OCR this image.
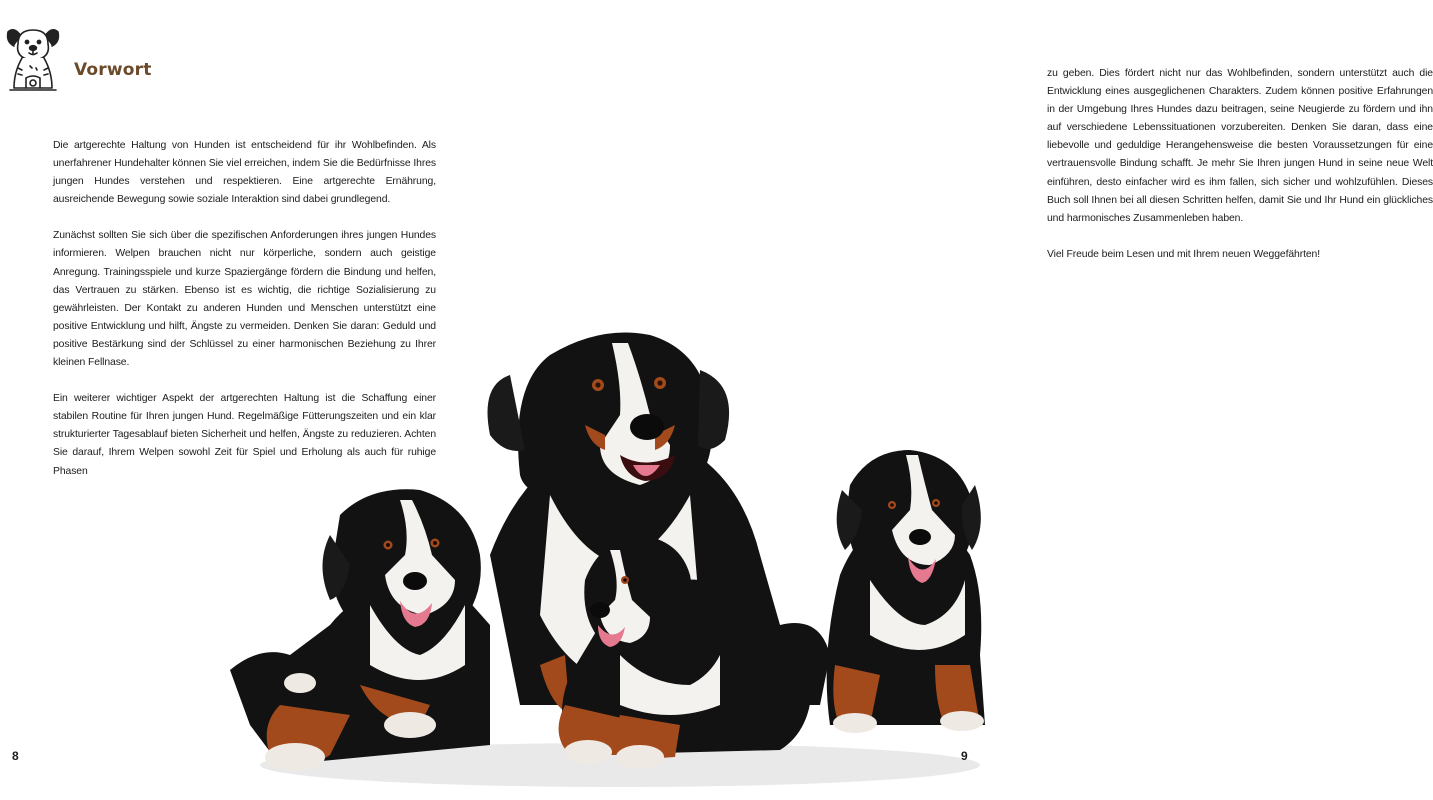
Vorwort

Die artgerechte Haltung von Hunden ist entscheidend für ihr Wohlbefinden. Als unerfahrener Hundehalter können Sie viel erreichen, indem Sie die Bedürfnisse Ihres jungen Hundes verstehen und respektieren. Eine artgerechte Ernährung, ausreichende Bewegung sowie soziale Interaktion sind dabei grundlegend.

Zunächst sollten Sie sich über die spezifischen Anforderungen ihres jungen Hundes informieren. Welpen brauchen nicht nur körperliche, sondern auch geistige Anregung. Trainingsspiele und kurze Spaziergänge fördern die Bindung und helfen, das Vertrauen zu stärken. Ebenso ist es wichtig, die richtige Sozialisierung zu gewährleisten. Der Kontakt zu anderen Hunden und Menschen unterstützt eine positive Entwicklung und hilft, Ängste zu vermeiden. Denken Sie daran: Geduld und positive Bestärkung sind der Schlüssel zu einer harmonischen Beziehung zu Ihrer kleinen Fellnase.

Ein weiterer wichtiger Aspekt der artgerechten Haltung ist die Schaffung einer stabilen Routine für Ihren jungen Hund. Regelmäßige Fütterungszeiten und ein klar strukturierter Tagesablauf bieten Sicherheit und helfen, Ängste zu reduzieren. Achten Sie darauf, Ihrem Welpen sowohl Zeit für Spiel und Erholung als auch für ruhige Phasen

8

zu geben. Dies fördert nicht nur das Wohlbefinden, sondern unterstützt auch die Entwicklung eines ausgeglichenen Charakters. Zudem können positive Erfahrungen in der Umgebung Ihres Hundes dazu beitragen, seine Neugierde zu fördern und ihn auf verschiedene Lebenssituationen vorzubereiten. Denken Sie daran, dass eine liebevolle und geduldige Herangehensweise die besten Voraussetzungen für eine vertrauensvolle Bindung schafft. Je mehr Sie Ihren jungen Hund in seine neue Welt einführen, desto einfacher wird es ihm fallen, sich sicher und wohlzufühlen. Dieses Buch soll Ihnen bei all diesen Schritten helfen, damit Sie und Ihr Hund ein glückliches und harmonisches Zusammenleben haben.

Viel Freude beim Lesen und mit Ihrem neuen Weggefährten!

9
